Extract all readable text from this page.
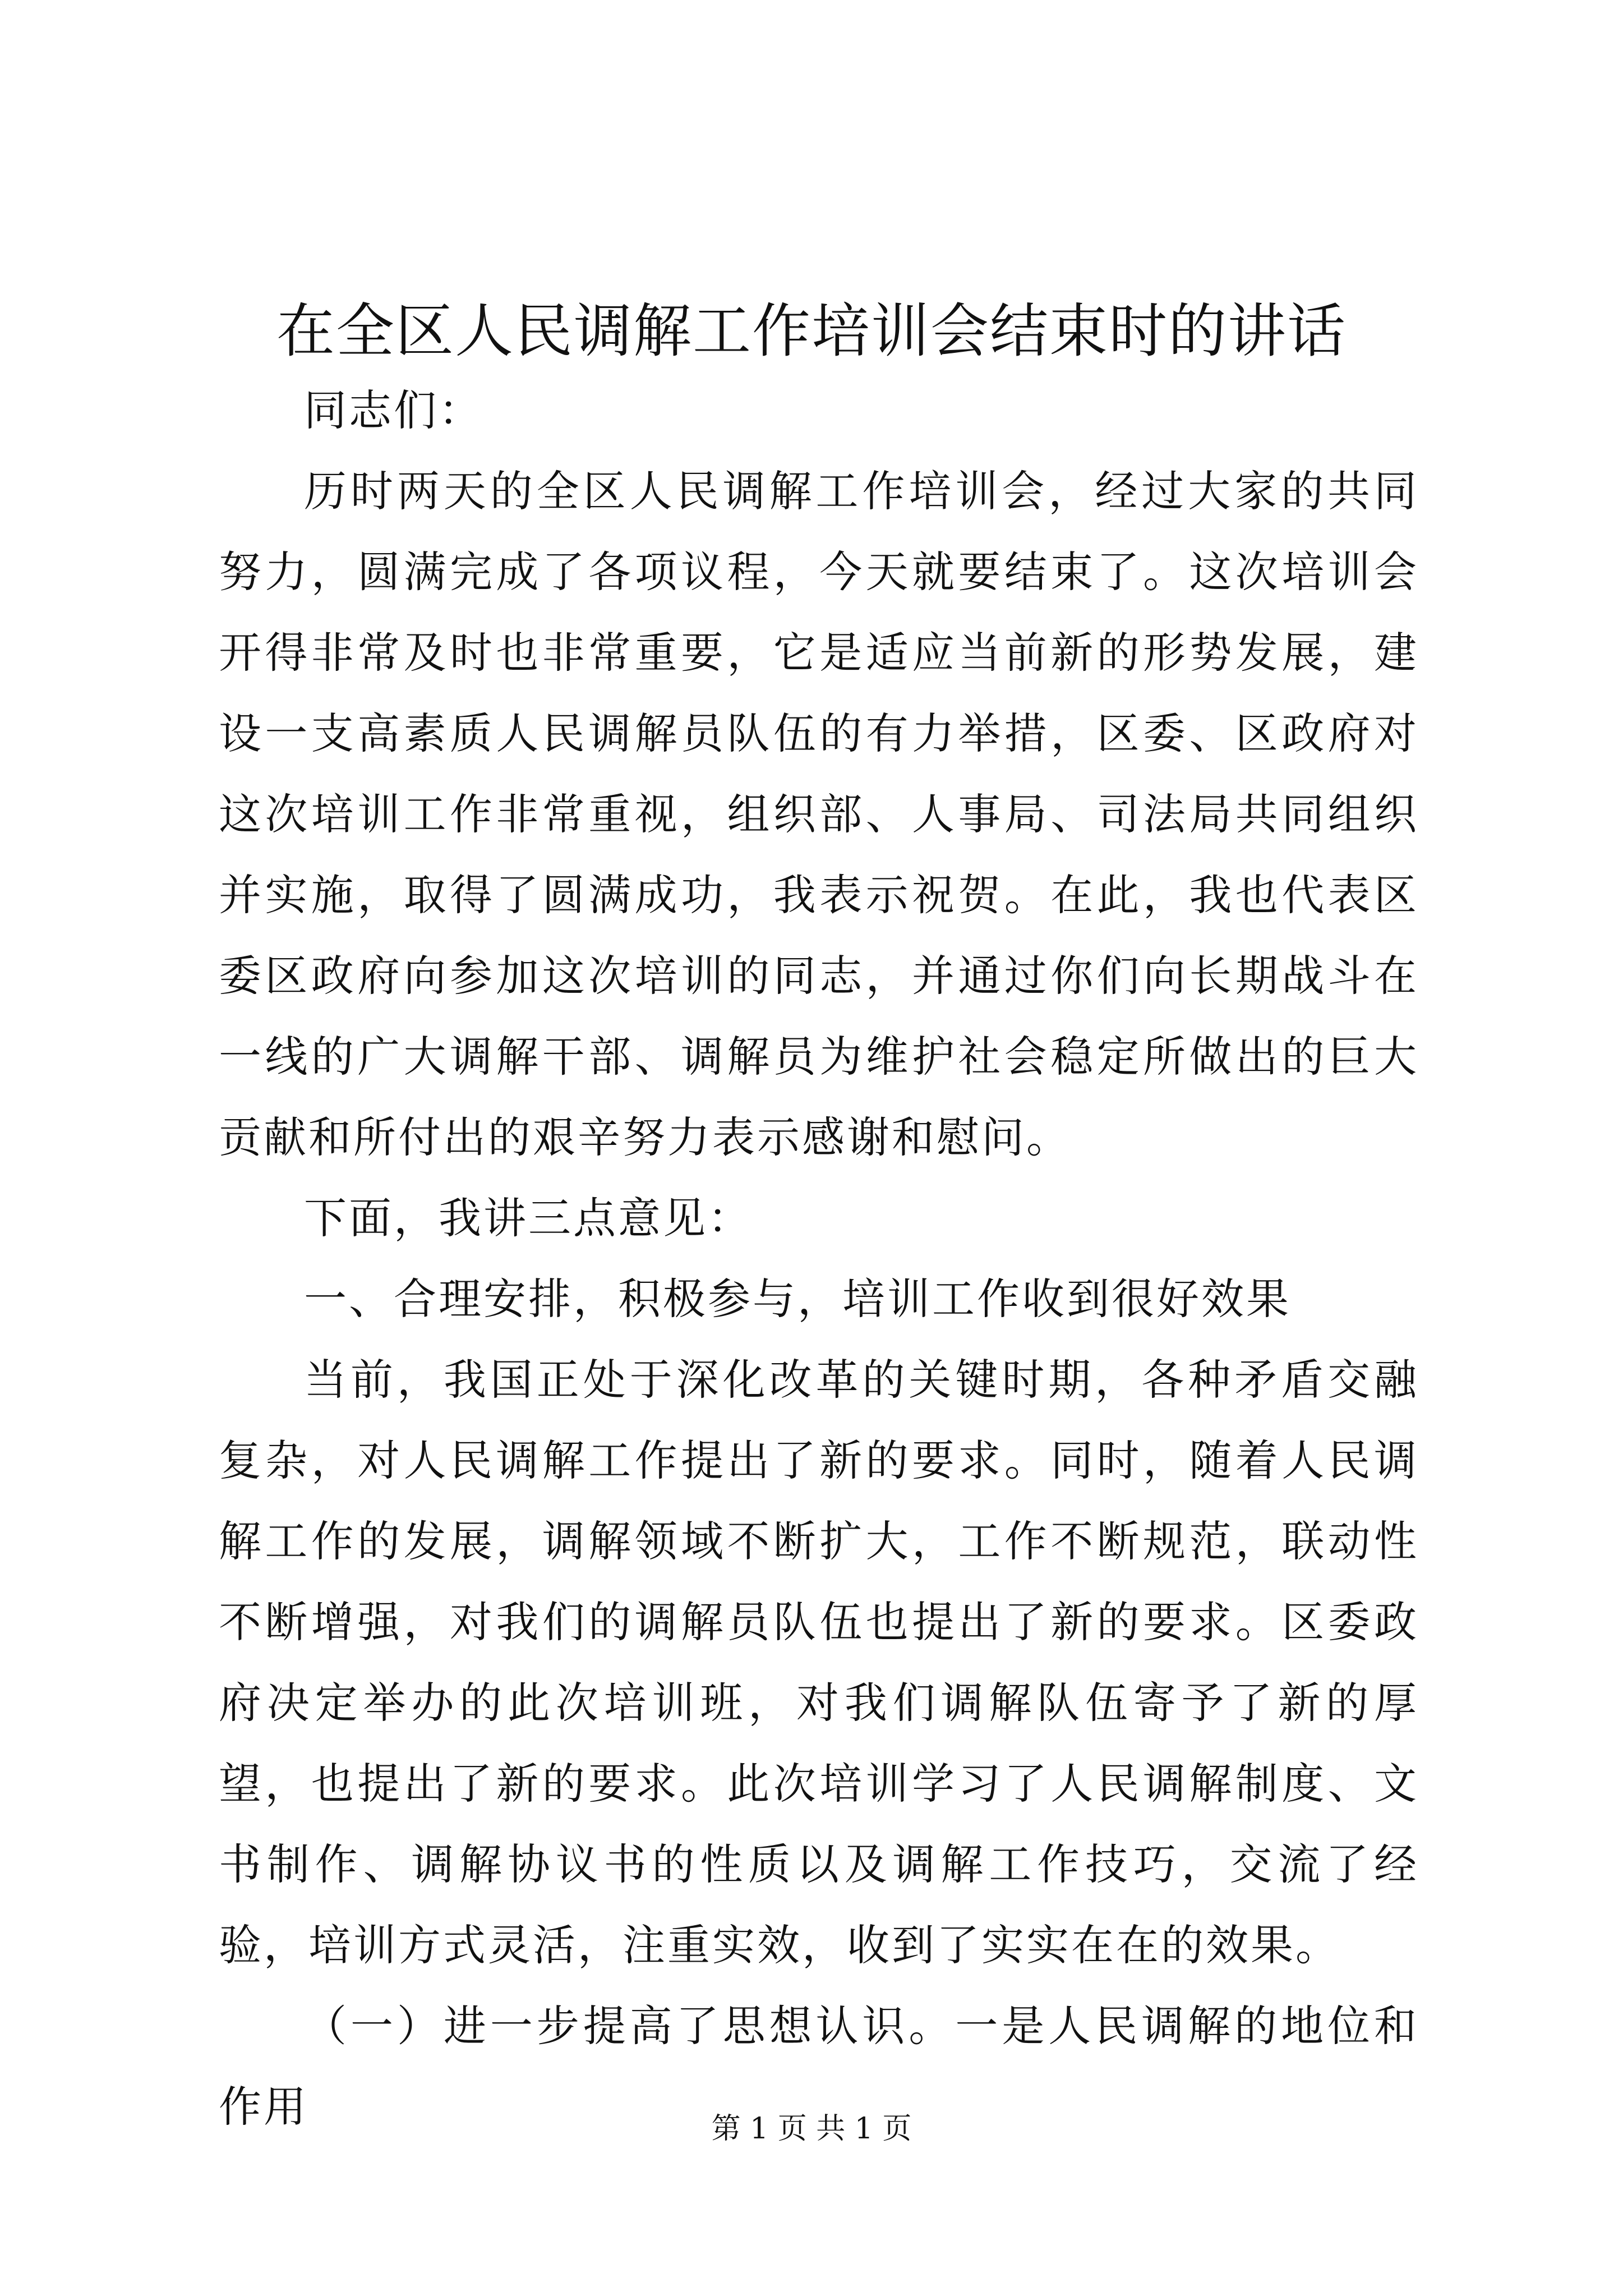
在全区人民调解工作培训会结束时的讲话

同志们：

历时两天的全区人民调解工作培训会，经过大家的共同努力，圆满完成了各项议程，今天就要结束了。这次培训会开得非常及时也非常重要，它是适应当前新的形势发展，建设一支高素质人民调解员队伍的有力举措，区委、区政府对这次培训工作非常重视，组织部、人事局、司法局共同组织并实施，取得了圆满成功，我表示祝贺。在此，我也代表区委区政府向参加这次培训的同志，并通过你们向长期战斗在一线的广大调解干部、调解员为维护社会稳定所做出的巨大贡献和所付出的艰辛努力表示感谢和慰问。

下面，我讲三点意见：

一、合理安排，积极参与，培训工作收到很好效果

当前，我国正处于深化改革的关键时期，各种矛盾交融复杂，对人民调解工作提出了新的要求。同时，随着人民调解工作的发展，调解领域不断扩大，工作不断规范，联动性不断增强，对我们的调解员队伍也提出了新的要求。区委政府决定举办的此次培训班，对我们调解队伍寄予了新的厚望，也提出了新的要求。此次培训学习了人民调解制度、文书制作、调解协议书的性质以及调解工作技巧，交流了经验，培训方式灵活，注重实效，收到了实实在在的效果。

（一）进一步提高了思想认识。一是人民调解的地位和作用	第 1 页 共 1 页
